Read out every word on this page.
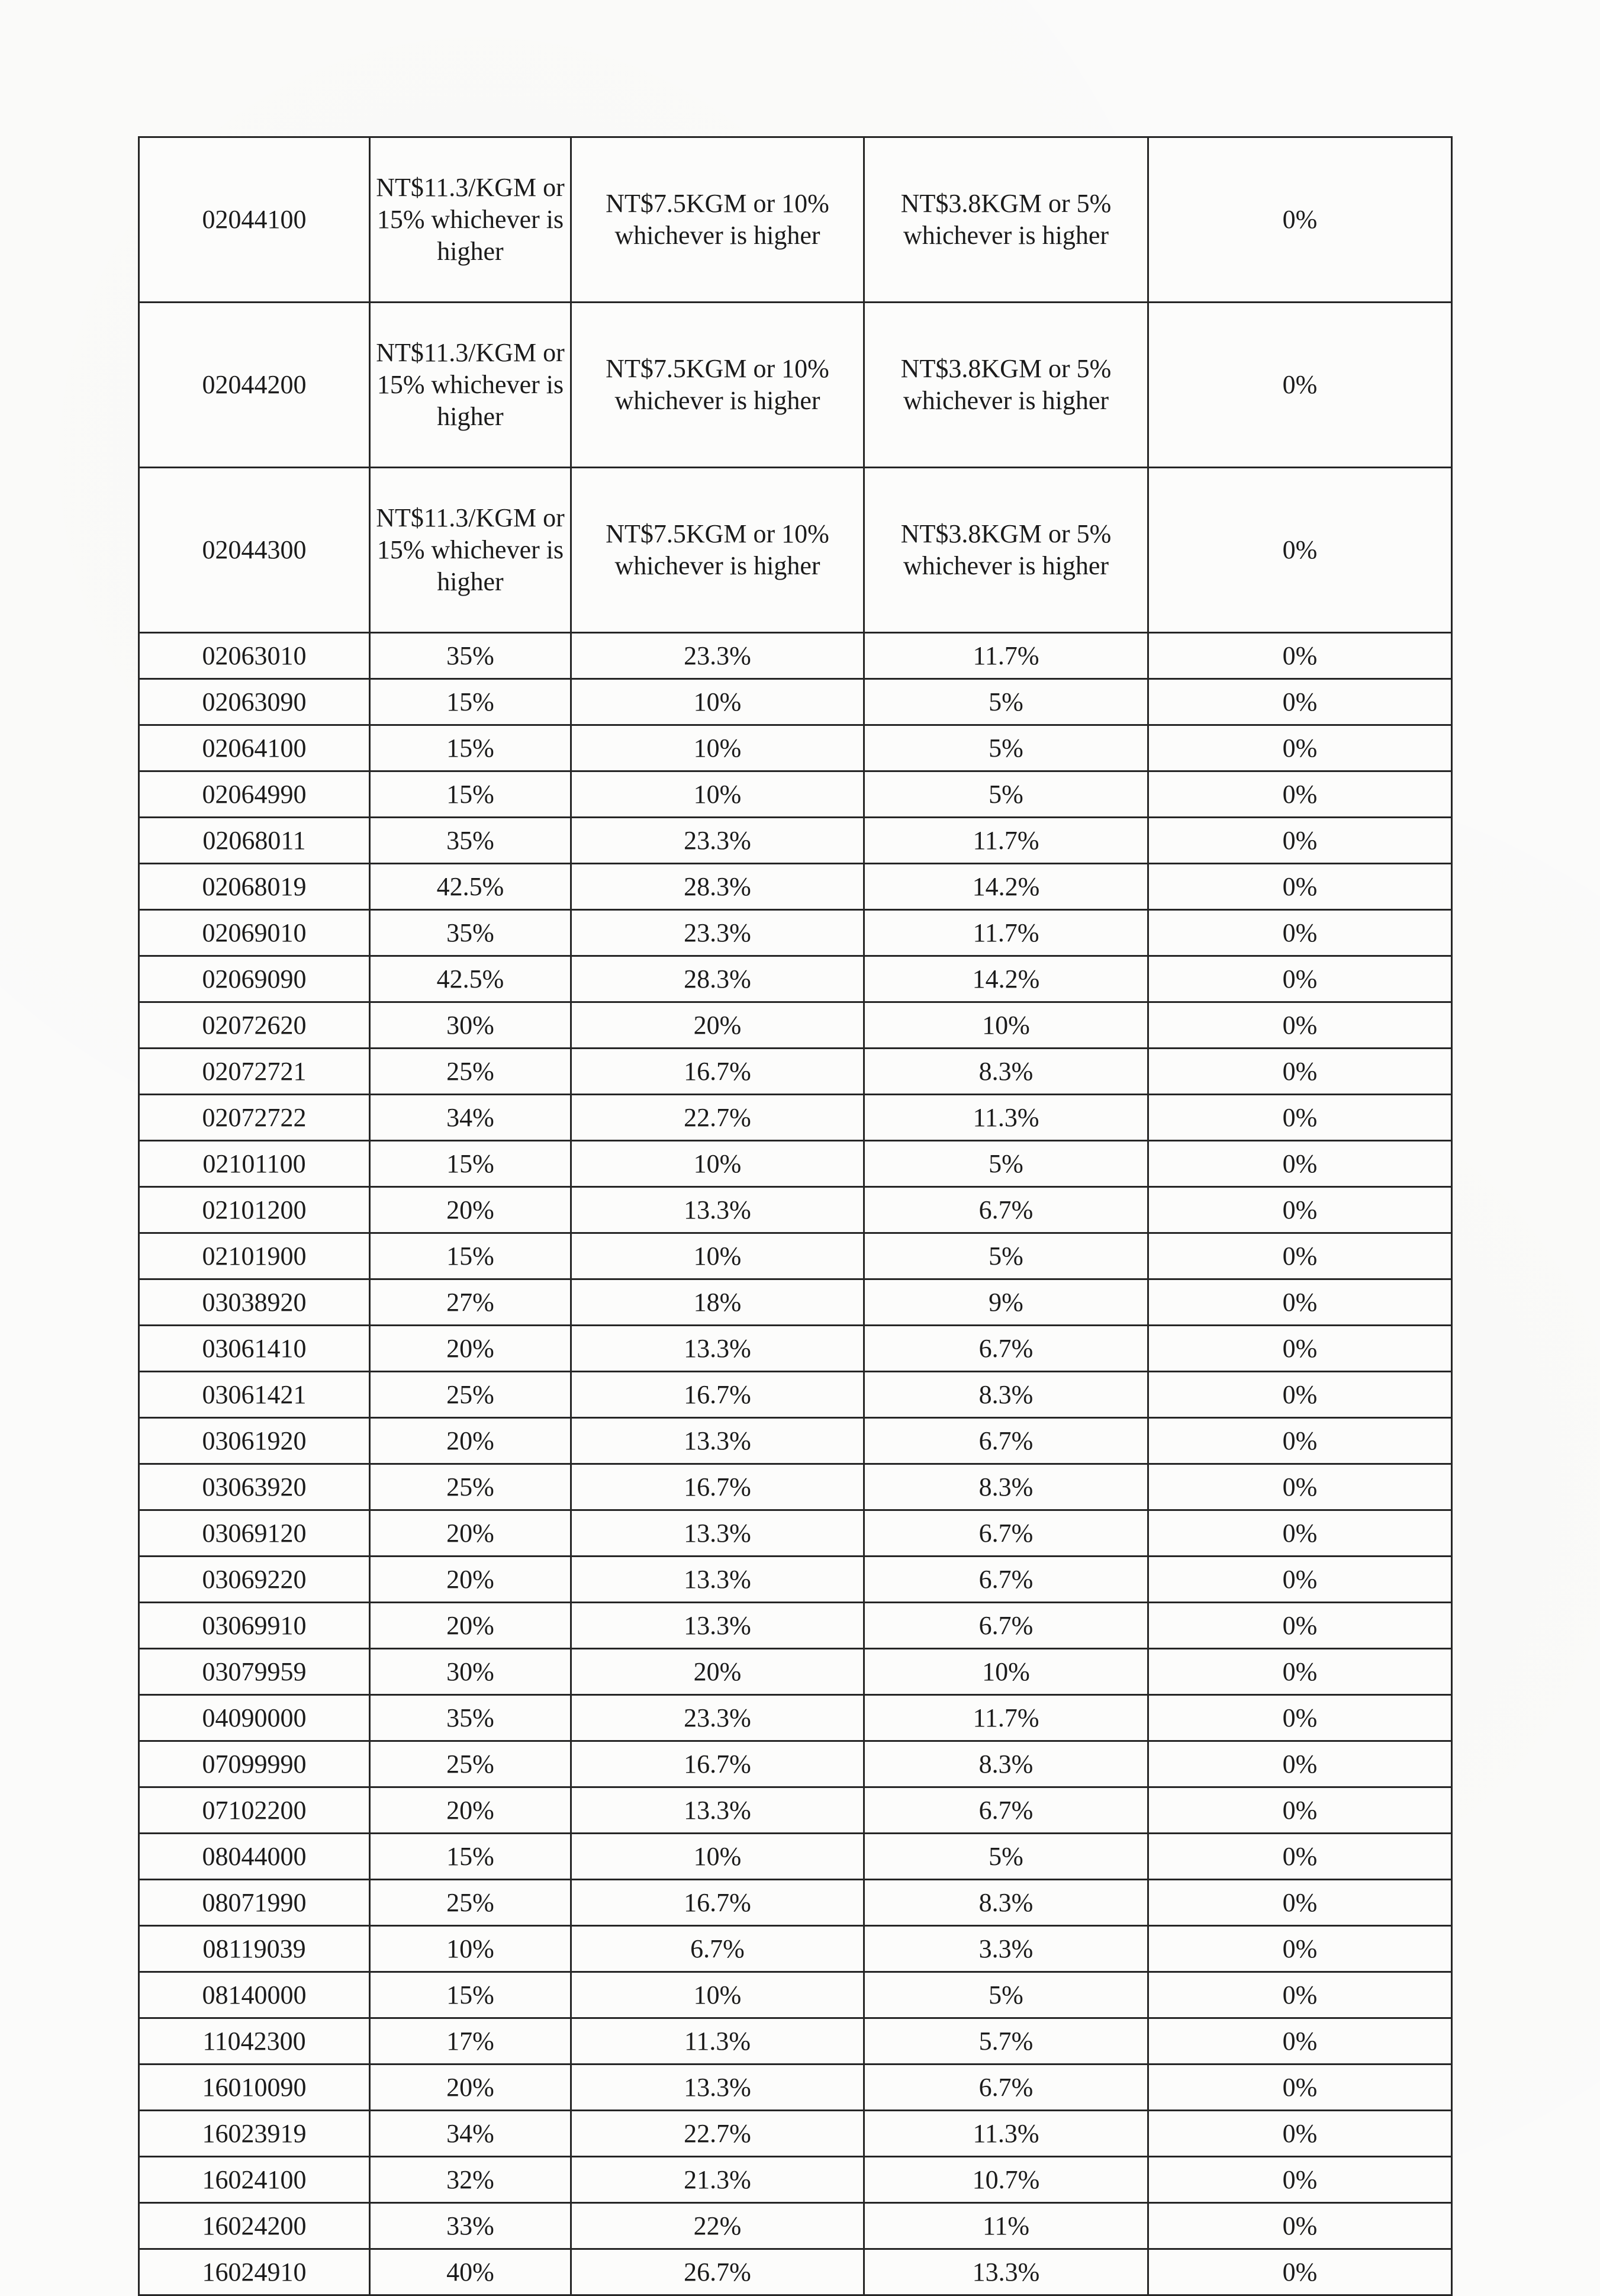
02044100	NT$11.3/KGM or 15% whichever is higher	NT$7.5KGM or 10% whichever is higher	NT$3.8KGM or 5% whichever is higher	0%
02044200	NT$11.3/KGM or 15% whichever is higher	NT$7.5KGM or 10% whichever is higher	NT$3.8KGM or 5% whichever is higher	0%
02044300	NT$11.3/KGM or 15% whichever is higher	NT$7.5KGM or 10% whichever is higher	NT$3.8KGM or 5% whichever is higher	0%
02063010	35%	23.3%	11.7%	0%
02063090	15%	10%	5%	0%
02064100	15%	10%	5%	0%
02064990	15%	10%	5%	0%
02068011	35%	23.3%	11.7%	0%
02068019	42.5%	28.3%	14.2%	0%
02069010	35%	23.3%	11.7%	0%
02069090	42.5%	28.3%	14.2%	0%
02072620	30%	20%	10%	0%
02072721	25%	16.7%	8.3%	0%
02072722	34%	22.7%	11.3%	0%
02101100	15%	10%	5%	0%
02101200	20%	13.3%	6.7%	0%
02101900	15%	10%	5%	0%
03038920	27%	18%	9%	0%
03061410	20%	13.3%	6.7%	0%
03061421	25%	16.7%	8.3%	0%
03061920	20%	13.3%	6.7%	0%
03063920	25%	16.7%	8.3%	0%
03069120	20%	13.3%	6.7%	0%
03069220	20%	13.3%	6.7%	0%
03069910	20%	13.3%	6.7%	0%
03079959	30%	20%	10%	0%
04090000	35%	23.3%	11.7%	0%
07099990	25%	16.7%	8.3%	0%
07102200	20%	13.3%	6.7%	0%
08044000	15%	10%	5%	0%
08071990	25%	16.7%	8.3%	0%
08119039	10%	6.7%	3.3%	0%
08140000	15%	10%	5%	0%
11042300	17%	11.3%	5.7%	0%
16010090	20%	13.3%	6.7%	0%
16023919	34%	22.7%	11.3%	0%
16024100	32%	21.3%	10.7%	0%
16024200	33%	22%	11%	0%
16024910	40%	26.7%	13.3%	0%
